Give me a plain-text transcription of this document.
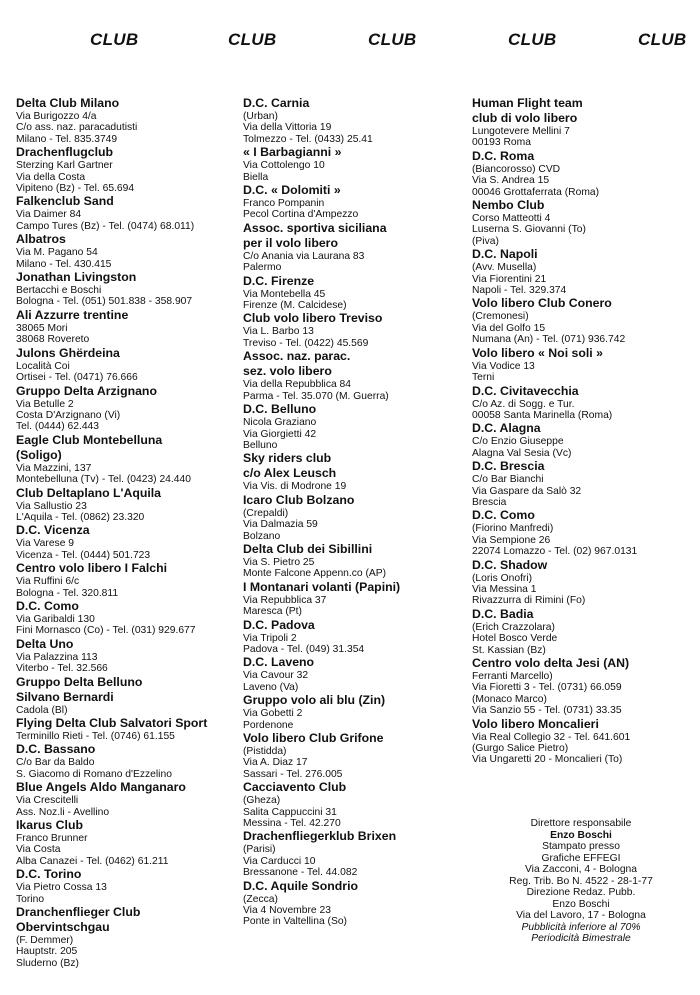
CLUB	CLUB	CLUB	CLUB	CLUB
Delta Club Milano
Via Burigozzo 4/a
C/o ass. naz. paracadutisti
Milano - Tel. 835.3749
Drachenflugclub
Sterzing Karl Gartner
Via della Costa
Vipiteno (Bz) - Tel. 65.694
Falkenclub Sand
Via Daimer 84
Campo Tures (Bz) - Tel. (0474) 68.011)
Albatros
Via M. Pagano 54
Milano - Tel. 430.415
Jonathan Livingston
Bertacchi e Boschi
Bologna - Tel. (051) 501.838 - 358.907
Ali Azzurre trentine
38065 Mori
38068 Rovereto
Julons Ghërdeina
Località Coi
Ortisei - Tel. (0471) 76.666
Gruppo Delta Arzignano
Via Betulle 2
Costa D'Arzignano (Vi)
Tel. (0444) 62.443
Eagle Club Montebelluna
(Soligo)
Via Mazzini, 137
Montebelluna (Tv) - Tel. (0423) 24.440
Club Deltaplano L'Aquila
Via Sallustio 23
L'Aquila - Tel. (0862) 23.320
D.C. Vicenza
Via Varese 9
Vicenza - Tel. (0444) 501.723
Centro volo libero I Falchi
Via Ruffini 6/c
Bologna - Tel. 320.811
D.C. Como
Via Garibaldi 130
Fini Mornasco (Co) - Tel. (031) 929.677
Delta Uno
Via Palazzina 113
Viterbo - Tel. 32.566
Gruppo Delta Belluno
Silvano Bernardi
Cadola (Bl)
Flying Delta Club Salvatori Sport
Terminillo Rieti - Tel. (0746) 61.155
D.C. Bassano
C/o Bar da Baldo
S. Giacomo di Romano d'Ezzelino
Blue Angels Aldo Manganaro
Via Crescitelli
Ass. Noz.li - Avellino
Ikarus Club
Franco Brunner
Via Costa
Alba Canazei - Tel. (0462) 61.211
D.C. Torino
Via Pietro Cossa 13
Torino
Dranchenflieger Club
Obervintschgau
(F. Demmer)
Hauptstr. 205
Sluderno (Bz)
D.C. Carnia
(Urban)
Via della Vittoria 19
Tolmezzo - Tel. (0433) 25.41
« I Barbagianni »
Via Cottolengo 10
Biella
D.C. « Dolomiti »
Franco Pompanin
Pecol Cortina d'Ampezzo
Assoc. sportiva siciliana
per il volo libero
C/o Anania via Laurana 83
Palermo
D.C. Firenze
Via Montebella 45
Firenze (M. Calcidese)
Club volo libero Treviso
Via L. Barbo 13
Treviso - Tel. (0422) 45.569
Assoc. naz. parac.
sez. volo libero
Via della Repubblica 84
Parma - Tel. 35.070 (M. Guerra)
D.C. Belluno
Nicola Graziano
Via Giorgietti 42
Belluno
Sky riders club
c/o Alex Leusch
Via Vis. di Modrone 19
Icaro Club Bolzano
(Crepaldi)
Via Dalmazia 59
Bolzano
Delta Club dei Sibillini
Via S. Pietro 25
Monte Falcone Appenn.co (AP)
I Montanari volanti (Papini)
Via Repubblica 37
Maresca (Pt)
D.C. Padova
Via Tripoli 2
Padova - Tel. (049) 31.354
D.C. Laveno
Via Cavour 32
Laveno (Va)
Gruppo volo ali blu (Zin)
Via Gobetti 2
Pordenone
Volo libero Club Grifone
(Pistidda)
Via A. Diaz 17
Sassari - Tel. 276.005
Cacciavento Club
(Gheza)
Salita Cappuccini 31
Messina - Tel. 42.270
Drachenfliegerklub Brixen
(Parisi)
Via Carducci 10
Bressanone - Tel. 44.082
D.C. Aquile Sondrio
(Zecca)
Via 4 Novembre 23
Ponte in Valtellina (So)
Human Flight team
club di volo libero
Lungotevere Mellini 7
00193 Roma
D.C. Roma
(Biancorosso) CVD
Via S. Andrea 15
00046 Grottaferrata (Roma)
Nembo Club
Corso Matteotti 4
Luserna S. Giovanni (To)
(Piva)
D.C. Napoli
(Avv. Musella)
Via Fiorentini 21
Napoli - Tel. 329.374
Volo libero Club Conero
(Cremonesi)
Via del Golfo 15
Numana (An) - Tel. (071) 936.742
Volo libero « Noi soli »
Via Vodice 13
Terni
D.C. Civitavecchia
C/o Az. di Sogg. e Tur.
00058 Santa Marinella (Roma)
D.C. Alagna
C/o Enzio Giuseppe
Alagna Val Sesia (Vc)
D.C. Brescia
C/o Bar Bianchi
Via Gaspare da Salò 32
Brescia
D.C. Como
(Fiorino Manfredi)
Via Sempione 26
22074 Lomazzo - Tel. (02) 967.0131
D.C. Shadow
(Loris Onofri)
Via Messina 1
Rivazzurra di Rimini (Fo)
D.C. Badia
(Erich Crazzolara)
Hotel Bosco Verde
St. Kassian (Bz)
Centro volo delta Jesi (AN)
Ferranti Marcello)
Via Fioretti 3 - Tel. (0731) 66.059
(Monaco Marco)
Via Sanzio 55 - Tel. (0731) 33.35
Volo libero Moncalieri
Via Real Collegio 32 - Tel. 641.601
(Gurgo Salice Pietro)
Via Ungaretti 20 - Moncalieri (To)
Direttore responsabile
Enzo Boschi
Stampato presso
Grafiche EFFEGI
Via Zacconi, 4 - Bologna
Reg. Trib. Bo N. 4522 - 28-1-77
Direzione Redaz. Pubb.
Enzo Boschi
Via del Lavoro, 17 - Bologna
Pubblicità inferiore al 70%
Periodicità Bimestrale
